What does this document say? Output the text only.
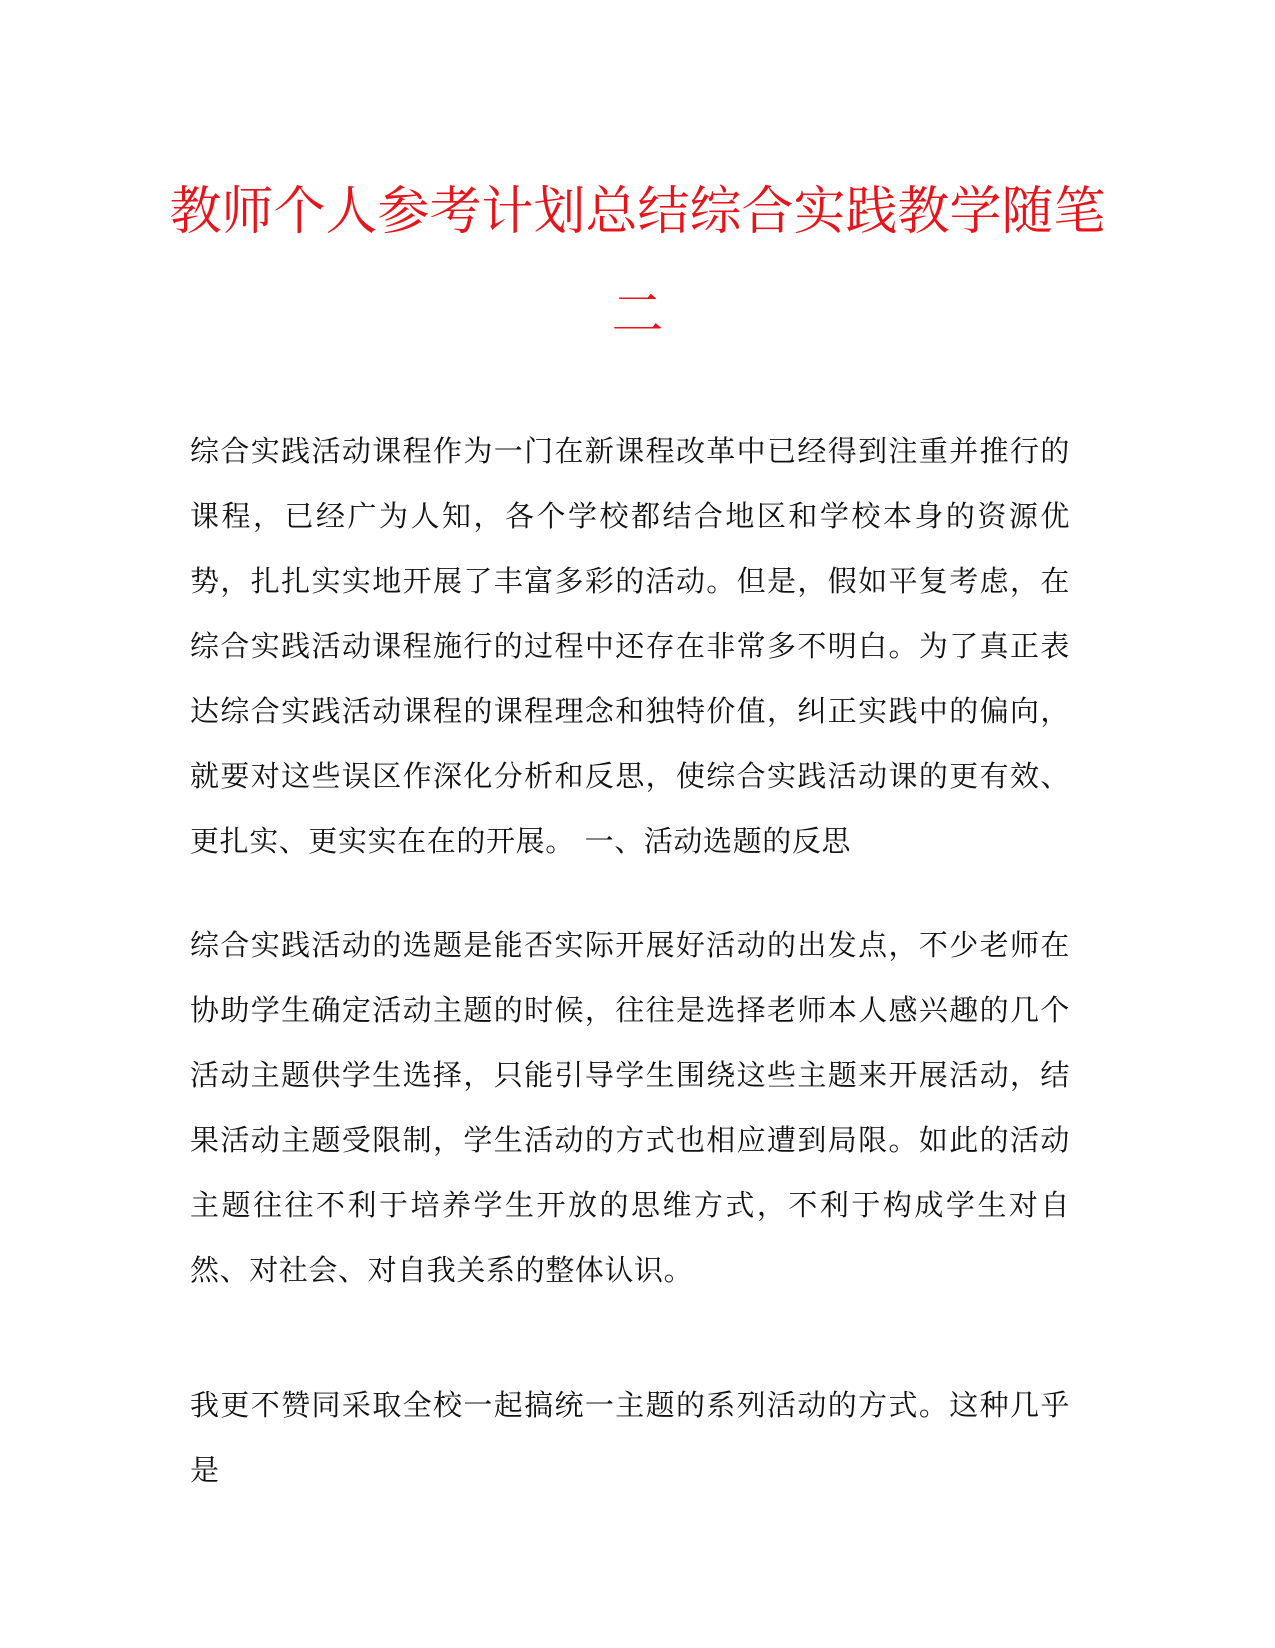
教师个人参考计划总结综合实践教学随笔
二

综合实践活动课程作为一门在新课程改革中已经得到注重并推行的课程，已经广为人知，各个学校都结合地区和学校本身的资源优势，扎扎实实地开展了丰富多彩的活动。但是，假如平复考虑，在综合实践活动课程施行的过程中还存在非常多不明白。为了真正表达综合实践活动课程的课程理念和独特价值，纠正实践中的偏向，就要对这些误区作深化分析和反思，使综合实践活动课的更有效、更扎实、更实实在在的开展。 一、活动选题的反思

综合实践活动的选题是能否实际开展好活动的出发点，不少老师在协助学生确定活动主题的时候，往往是选择老师本人感兴趣的几个活动主题供学生选择，只能引导学生围绕这些主题来开展活动，结果活动主题受限制，学生活动的方式也相应遭到局限。如此的活动主题往往不利于培养学生开放的思维方式，不利于构成学生对自然、对社会、对自我关系的整体认识。

我更不赞同采取全校一起搞统一主题的系列活动的方式。这种几乎是
